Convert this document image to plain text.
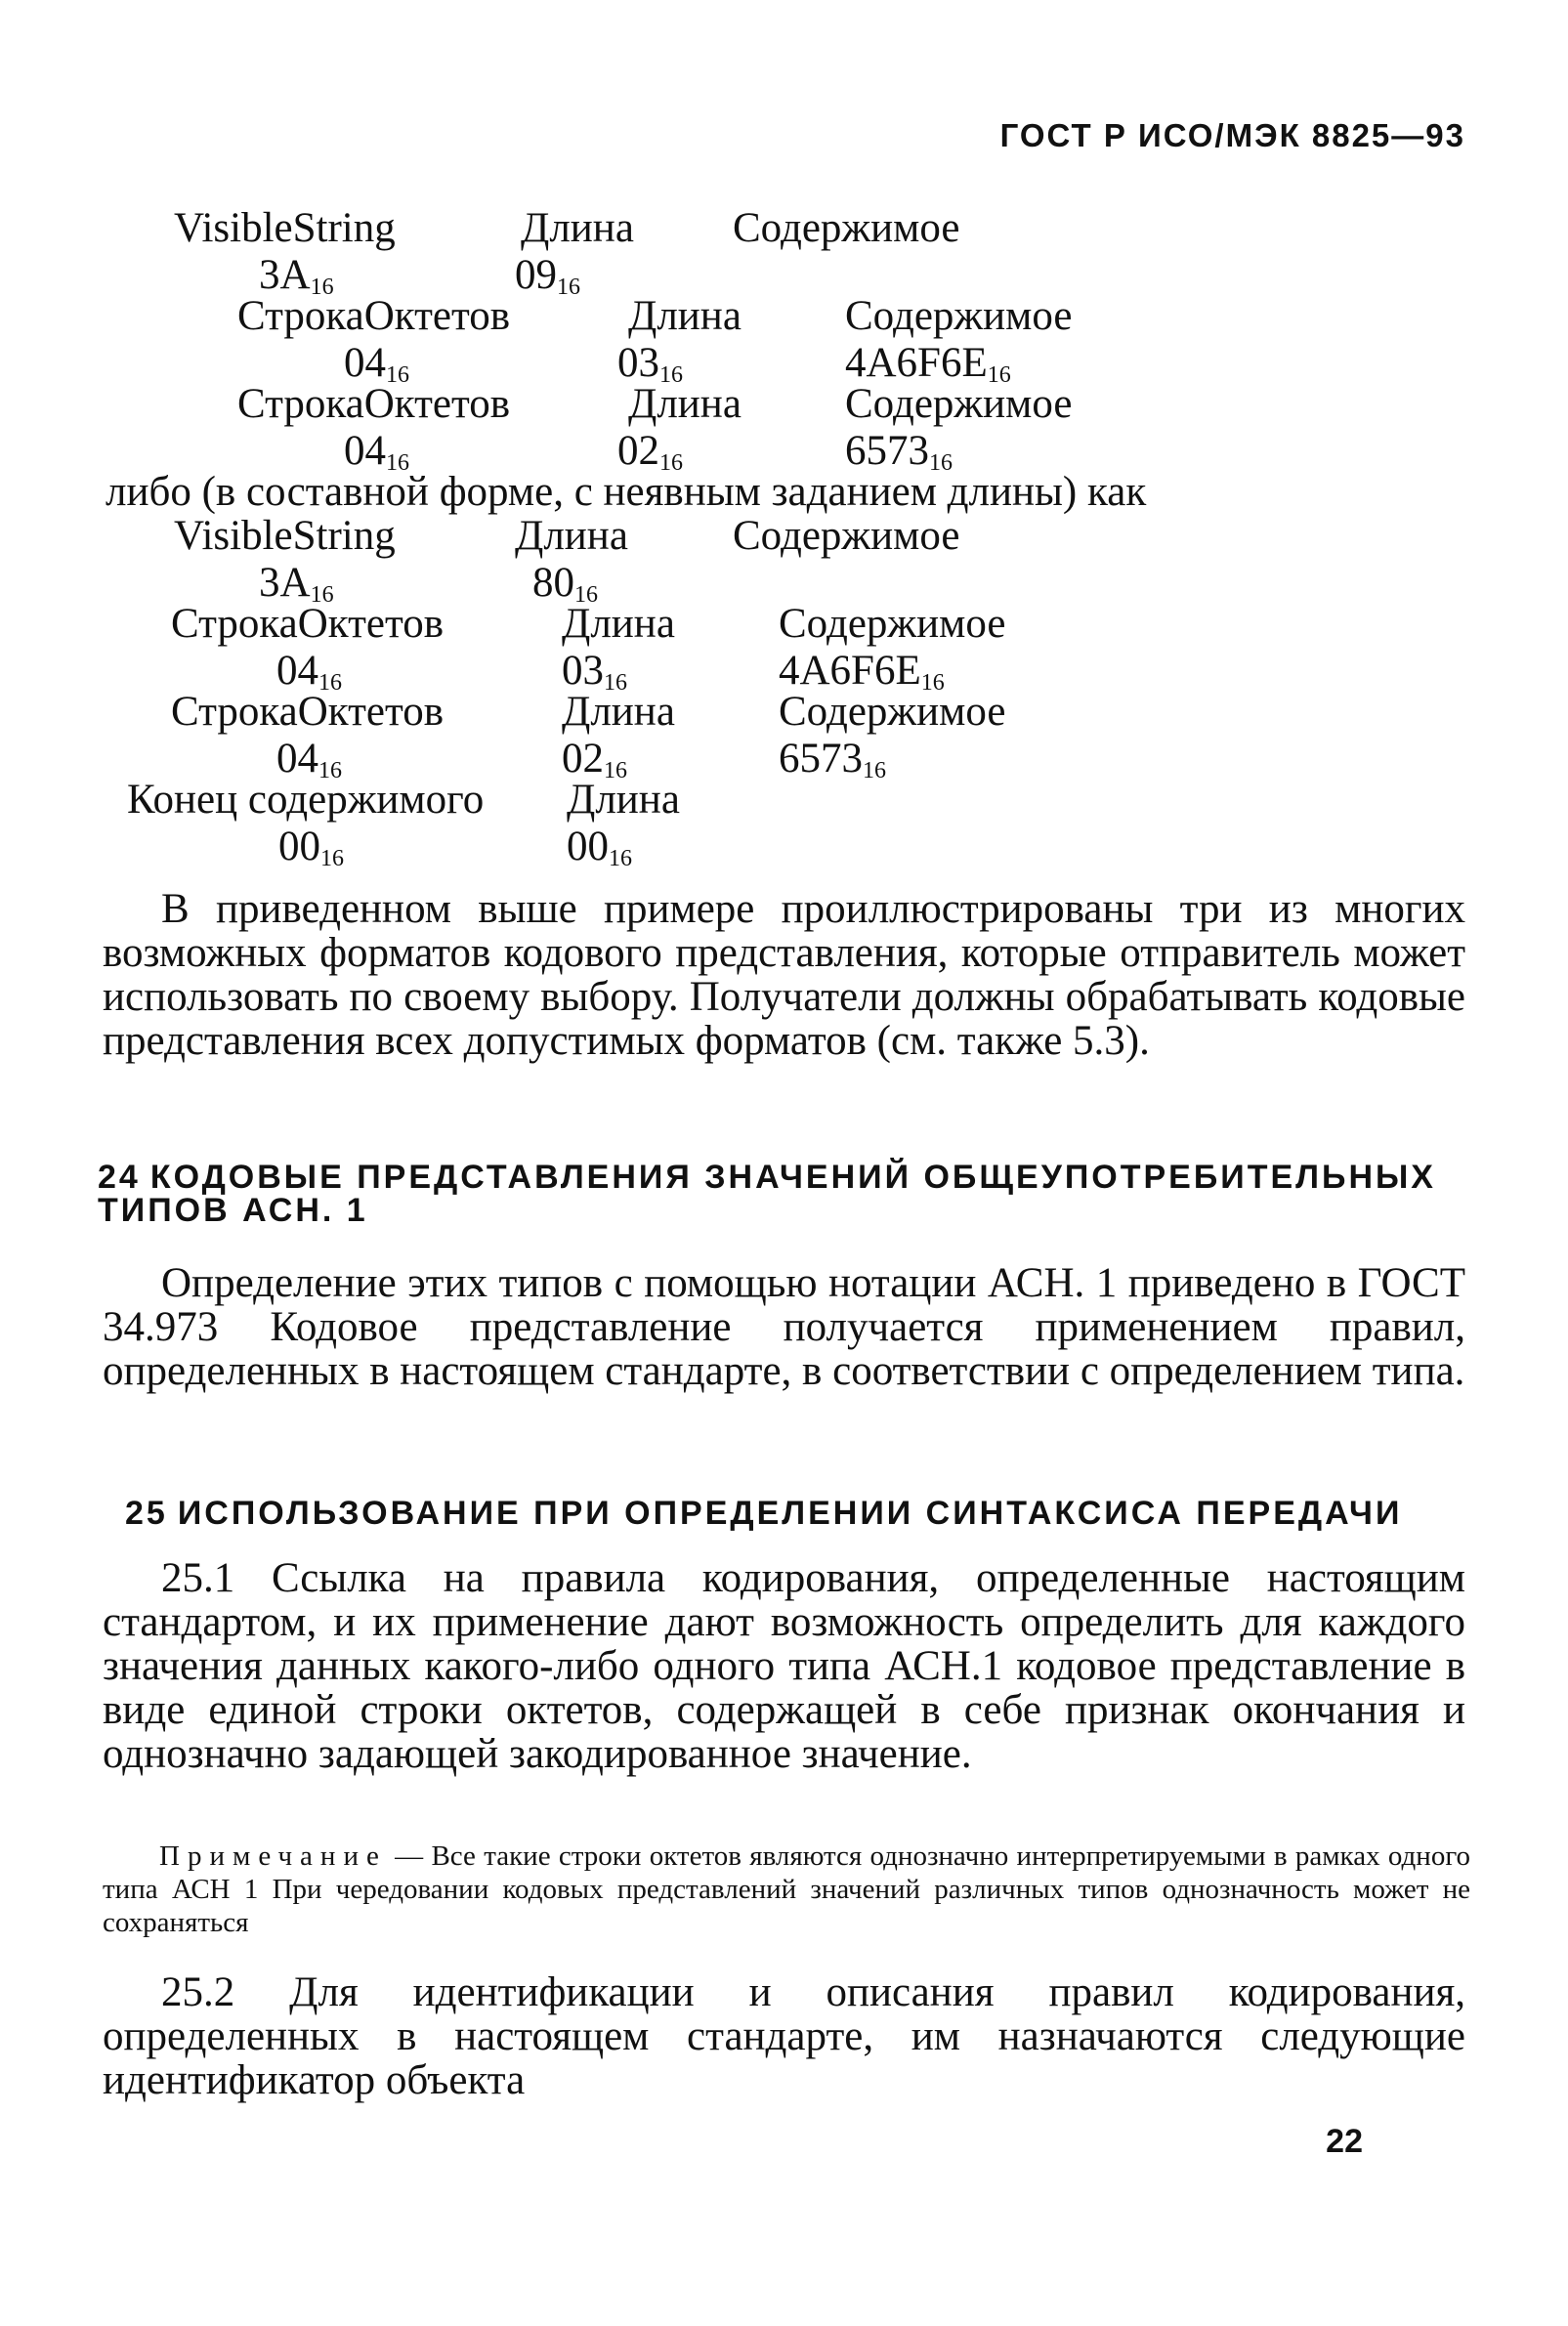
ГОСТ Р ИСО/МЭК 8825—93
VisibleString	Длина Содержимое
$3A_{16}$	$09_{16}$
СтрокаОктетов	Длина Содержимое
$04_{16}$	$03_{16}$	$4A6F6E_{16}$
СтрокаОктетов	Длина Содержимое
$04_{16}$	$02_{16}$	$6573_{16}$
либо (в составной форме, с неявным заданием длины) как
VisibleString	Длина Содержимое
$3A_{16}$	$80_{16}$
СтрокаОктетов	Длина Содержимое
$04_{16}$	$03_{16}$	$4A6F6E_{16}$
СтрокаОктетов	Длина Содержимое
$04_{16}$	$02_{16}$	$6573_{16}$
Конец содержимого Длина
$00_{16}$	$00_{16}$

В приведенном выше примере проиллюстрированы три из многих возможных форматов кодового представления, которые отправитель может использовать по своему выбору. Получатели должны обрабатывать кодовые представления всех допустимых форматов (см. также 5.3).

24 КОДОВЫЕ ПРЕДСТАВЛЕНИЯ ЗНАЧЕНИЙ ОБЩЕУПОТРЕБИТЕЛЬНЫХ ТИПОВ АСН. 1

Определение этих типов с помощью нотации АСН. 1 приведено в ГОСТ 34.973 Кодовое представление получается применением правил, определенных в настоящем стандарте, в соответствии с определением типа.

25 ИСПОЛЬЗОВАНИЕ ПРИ ОПРЕДЕЛЕНИИ СИНТАКСИСА ПЕРЕДАЧИ

25.1 Ссылка на правила кодирования, определенные настоящим стандартом, и их применение дают возможность определить для каждого значения данных какого-либо одного типа АСН.1 кодовое представление в виде единой строки октетов, содержащей в себе признак окончания и однозначно задающей закодированное значение.

Примечание — Все такие строки октетов являются однозначно интерпретируемыми в рамках одного типа АСН 1 При чередовании кодовых представлений значений различных типов однозначность может не сохраняться

25.2 Для идентификации и описания правил кодирования, определенных в настоящем стандарте, им назначаются следующие идентификатор объекта

22
